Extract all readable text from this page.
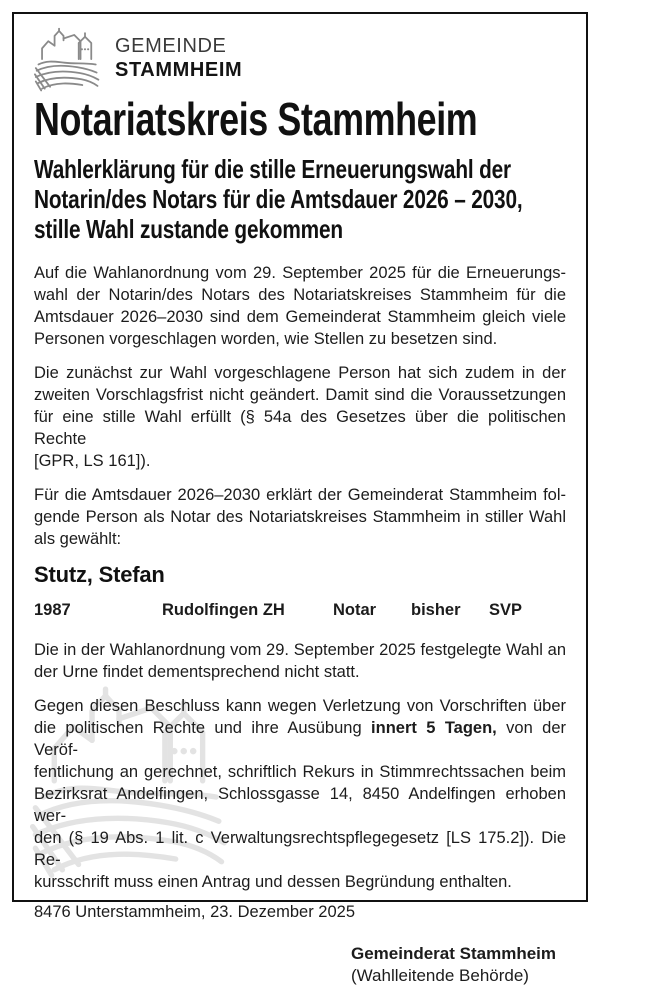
GEMEINDE
STAMMHEIM
Notariatskreis Stammheim
Wahlerklärung für die stille Erneuerungswahl der
Notarin/des Notars für die Amtsdauer 2026 – 2030,
stille Wahl zustande gekommen
Auf die Wahlanordnung vom 29. September 2025 für die Erneuerungs-
wahl der Notarin/des Notars des Notariatskreises Stammheim für die
Amtsdauer 2026–2030 sind dem Gemeinderat Stammheim gleich viele
Personen vorgeschlagen worden, wie Stellen zu besetzen sind.
Die zunächst zur Wahl vorgeschlagene Person hat sich zudem in der
zweiten Vorschlagsfrist nicht geändert. Damit sind die Voraussetzungen
für eine stille Wahl erfüllt (§ 54a des Gesetzes über die politischen Rechte
[GPR, LS 161]).
Für die Amtsdauer 2026–2030 erklärt der Gemeinderat Stammheim fol-
gende Person als Notar des Notariatskreises Stammheim in stiller Wahl
als gewählt:
Stutz, Stefan
1987	Rudolfingen ZH	Notar	bisher	SVP
Die in der Wahlanordnung vom 29. September 2025 festgelegte Wahl an
der Urne findet dementsprechend nicht statt.
Gegen diesen Beschluss kann wegen Verletzung von Vorschriften über
die politischen Rechte und ihre Ausübung innert 5 Tagen, von der Veröf-
fentlichung an gerechnet, schriftlich Rekurs in Stimmrechtssachen beim
Bezirksrat Andelfingen, Schlossgasse 14, 8450 Andelfingen erhoben wer-
den (§ 19 Abs. 1 lit. c Verwaltungsrechtspflegegesetz [LS 175.2]). Die Re-
kursschrift muss einen Antrag und dessen Begründung enthalten.
8476 Unterstammheim, 23. Dezember 2025
Gemeinderat Stammheim
(Wahlleitende Behörde)
